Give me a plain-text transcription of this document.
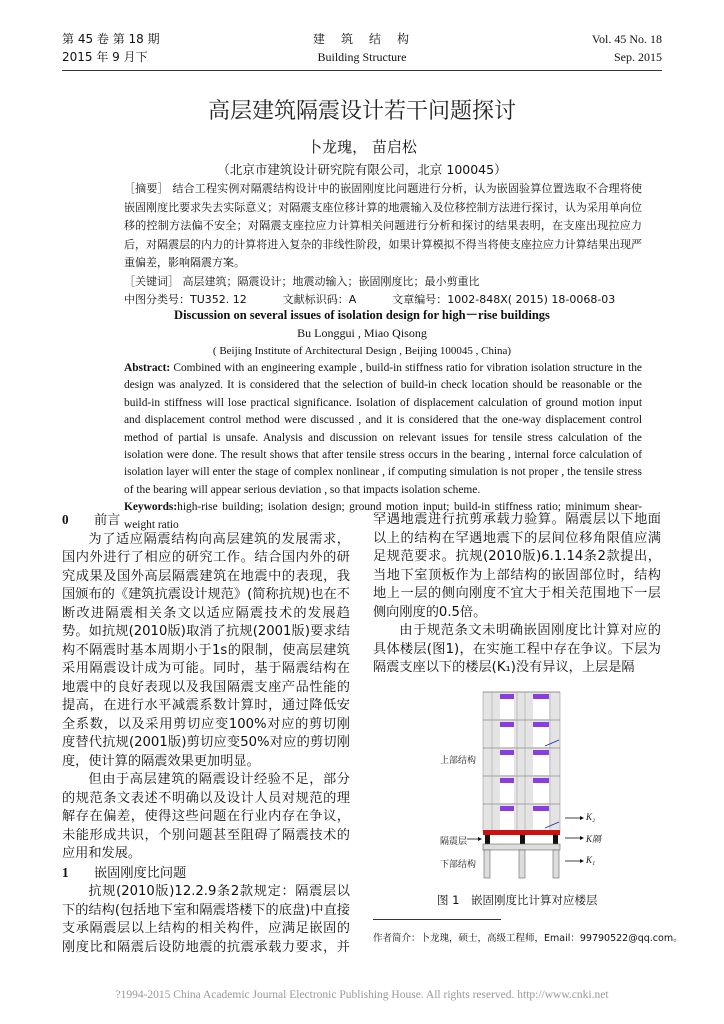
第 45 卷 第 18 期
2015 年 9 月下
建　筑　结　构
Building Structure
Vol. 45 No. 18
Sep. 2015
高层建筑隔震设计若干问题探讨
卜龙瑰， 苗启松
（北京市建筑设计研究院有限公司，北京 100045）
［摘要］ 结合工程实例对隔震结构设计中的嵌固刚度比问题进行分析，认为嵌固验算位置选取不合理将使嵌固刚度比要求失去实际意义；对隔震支座位移计算的地震输入及位移控制方法进行探讨，认为采用单向位移的控制方法偏不安全；对隔震支座拉应力计算相关问题进行分析和探讨的结果表明，在支座出现拉应力后，对隔震层的内力的计算将进入复杂的非线性阶段，如果计算模拟不得当将使支座拉应力计算结果出现严重偏差，影响隔震方案。
［关键词］ 高层建筑；隔震设计；地震动输入；嵌固刚度比；最小剪重比
中图分类号：TU352. 12	文献标识码：A	文章编号：1002-848X( 2015) 18-0068-03
Discussion on several issues of isolation design for high－rise buildings
Bu Longgui , Miao Qisong
( Beijing Institute of Architectural Design , Beijing 100045 , China)
Abstract: Combined with an engineering example , build-in stiffness ratio for vibration isolation structure in the design was analyzed. It is considered that the selection of build-in check location should be reasonable or the build-in stiffness will lose practical significance. Isolation of displacement calculation of ground motion input and displacement control method were discussed , and it is considered that the one-way displacement control method of partial is unsafe. Analysis and discussion on relevant issues for tensile stress calculation of the isolation were done. The result shows that after tensile stress occurs in the bearing , internal force calculation of isolation layer will enter the stage of complex nonlinear , if computing simulation is not proper , the tensile stress of the bearing will appear serious deviation , so that impacts isolation scheme.
Keywords:high-rise building; isolation design; ground motion input; build-in stiffness ratio; minimum shear-weight ratio
0 前言

为了适应隔震结构向高层建筑的发展需求，国内外进行了相应的研究工作。结合国内外的研究成果及国外高层隔震建筑在地震中的表现，我国颁布的《建筑抗震设计规范》(简称抗规)也在不断改进隔震相关条文以适应隔震技术的发展趋势。如抗规(2010版)取消了抗规(2001版)要求结构不隔震时基本周期小于1s的限制，使高层建筑采用隔震设计成为可能。同时，基于隔震结构在地震中的良好表现以及我国隔震支座产品性能的提高，在进行水平减震系数计算时，通过降低安全系数，以及采用剪切应变100%对应的剪切刚度替代抗规(2001版)剪切应变50%对应的剪切刚度，使计算的隔震效果更加明显。

但由于高层建筑的隔震设计经验不足，部分的规范条文表述不明确以及设计人员对规范的理解存在偏差，使得这些问题在行业内存在争议，未能形成共识，个别问题甚至阻碍了隔震技术的应用和发展。

1 嵌固刚度比问题

抗规(2010版)12.2.9条2款规定：隔震层以下的结构(包括地下室和隔震塔楼下的底盘)中直接支承隔震层以上结构的相关构件，应满足嵌固的刚度比和隔震后设防地震的抗震承载力要求，并

罕遇地震进行抗剪承载力验算。隔震层以下地面以上的结构在罕遇地震下的层间位移角限值应满足规范要求。抗规(2010版)6.1.14条2款提出，当地下室顶板作为上部结构的嵌固部位时，结构地上一层的侧向刚度不宜大于相关范围地下一层侧向刚度的0.5倍。

由于规范条文未明确嵌固刚度比计算对应的具体楼层(图1)，在实施工程中存在争议。下层为隔震支座以下的楼层(K₁)没有异议，上层是隔

上部结构
隔震层
下部结构
K₂
K隔
K₁
图 1　嵌固刚度比计算对应楼层
作者简介：卜龙瑰，硕士，高级工程师，Email：99790522@qq.com。
?1994-2015 China Academic Journal Electronic Publishing House. All rights reserved. http://www.cnki.net
